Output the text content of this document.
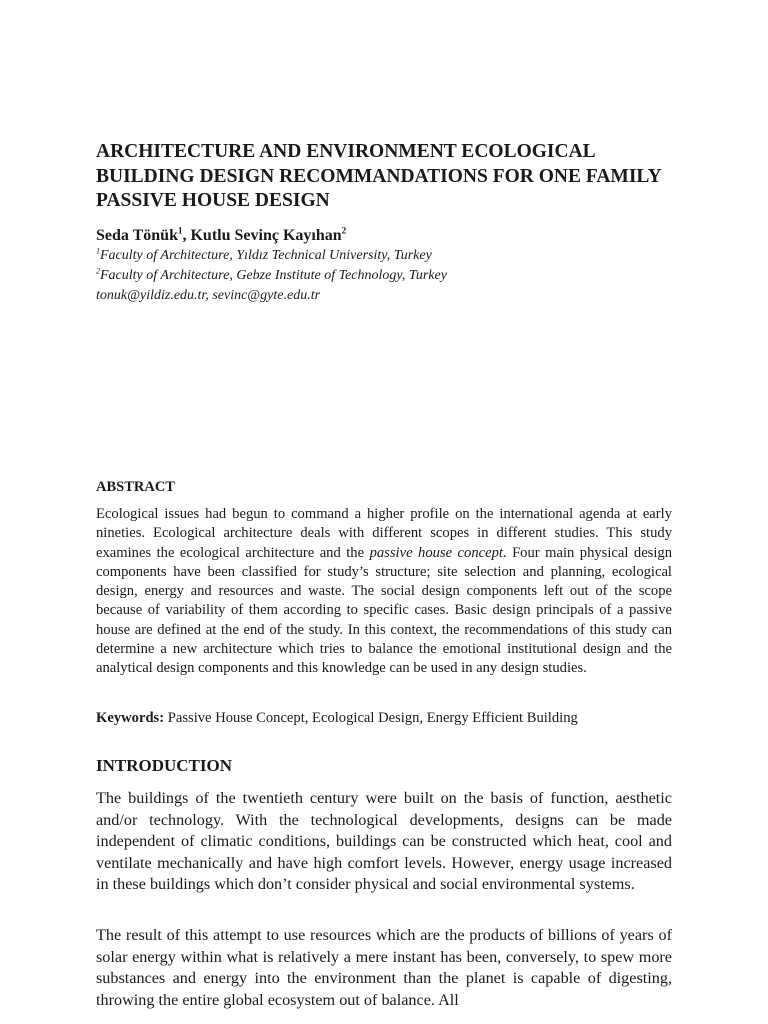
ARCHITECTURE AND ENVIRONMENT ECOLOGICAL BUILDING DESIGN RECOMMANDATIONS FOR ONE FAMILY PASSIVE HOUSE DESIGN
Seda Tönük$^1$, Kutlu Sevinç Kayıhan$^2$
$^1$Faculty of Architecture, Yıldız Technical University, Turkey
$^2$Faculty of Architecture, Gebze Institute of Technology, Turkey
tonuk@yildiz.edu.tr, sevinc@gyte.edu.tr
ABSTRACT
Ecological issues had begun to command a higher profile on the international agenda at early nineties. Ecological architecture deals with different scopes in different studies. This study examines the ecological architecture and the passive house concept. Four main physical design components have been classified for study’s structure; site selection and planning, ecological design, energy and resources and waste. The social design components left out of the scope because of variability of them according to specific cases. Basic design principals of a passive house are defined at the end of the study. In this context, the recommendations of this study can determine a new architecture which tries to balance the emotional institutional design and the analytical design components and this knowledge can be used in any design studies.
Keywords: Passive House Concept, Ecological Design, Energy Efficient Building
INTRODUCTION
The buildings of the twentieth century were built on the basis of function, aesthetic and/or technology. With the technological developments, designs can be made independent of climatic conditions, buildings can be constructed which heat, cool and ventilate mechanically and have high comfort levels. However, energy usage increased in these buildings which don’t consider physical and social environmental systems.
The result of this attempt to use resources which are the products of billions of years of solar energy within what is relatively a mere instant has been, conversely, to spew more substances and energy into the environment than the planet is capable of digesting, throwing the entire global ecosystem out of balance. All
